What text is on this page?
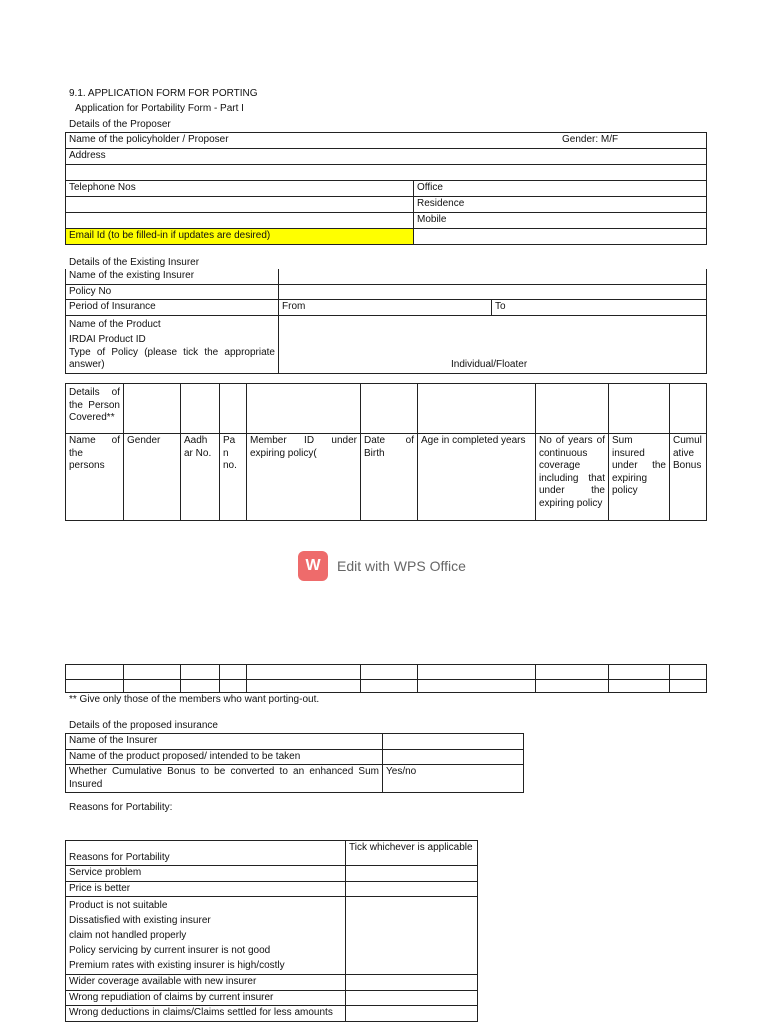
9.1. APPLICATION FORM FOR PORTING
Application for Portability Form - Part I
Details of the Proposer
Name of the policyholder / Proposer Gender: M/F	

Address	

Telephone Nos	Office
	Residence
	Mobile
Email Id (to be filled-in if updates are desired)	
Details of the Existing Insurer
Name of the existing Insurer		
Policy No		
Period of Insurance	From	To

Name of the Product
IRDAI Product ID
Type of Policy (please tick the appropriate answer)	Individual/Floater	
Details of the Person Covered**									

Name of the persons	Gender	Aadh ar No.	Pa n no.	Member ID under expiring policy(	Date of Birth	Age in completed years	No of years of continuous coverage including that under the expiring policy	Sum insured under the expiring policy	Cumul ative Bonus
W	Edit with WPS Office

** Give only those of the members who want porting-out.
Details of the proposed insurance
Name of the Insurer	
Name of the product proposed/ intended to be taken	

Whether Cumulative Bonus to be converted to an enhanced Sum Insured	Yes/no
Reasons for Portability:
Reasons for Portability	Tick whichever is applicable

Service problem	
Price is better	

Product is not suitable
Dissatisfied with existing insurer
claim not handled properly
Policy servicing by current insurer is not good
Premium rates with existing insurer is high/costly	

Wider coverage available with new insurer	
Wrong repudiation of claims by current insurer	

Wrong deductions in claims/Claims settled for less amounts	
